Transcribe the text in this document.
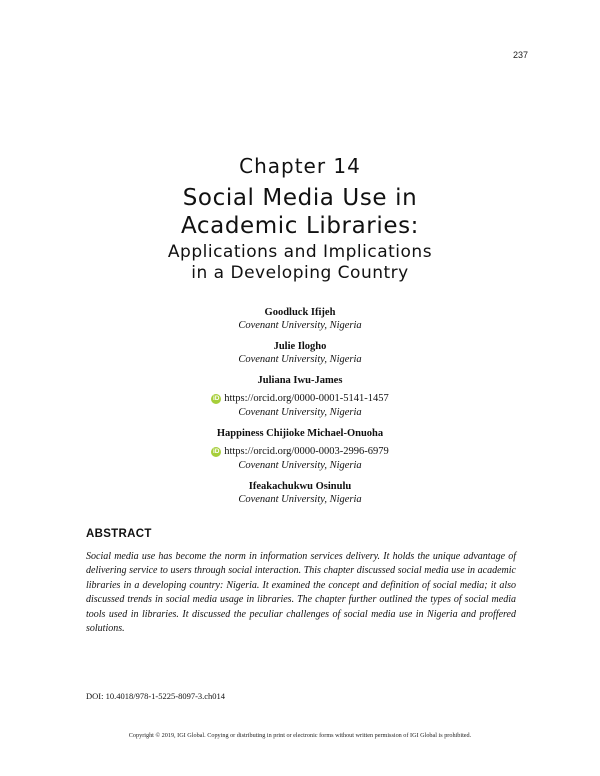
237

Chapter 14

Social Media Use in
Academic Libraries:
Applications and Implications
in a Developing Country
Goodluck Ifijeh
Covenant University, Nigeria
Julie Ilogho
Covenant University, Nigeria
Juliana Iwu-James
iD https://orcid.org/0000-0001-5141-1457
Covenant University, Nigeria
Happiness Chijioke Michael-Onuoha
iD https://orcid.org/0000-0003-2996-6979
Covenant University, Nigeria
Ifeakachukwu Osinulu
Covenant University, Nigeria
ABSTRACT
Social media use has become the norm in information services delivery. It holds the unique advantage of delivering service to users through social interaction. This chapter discussed social media use in academic libraries in a developing country: Nigeria. It examined the concept and definition of social media; it also discussed trends in social media usage in libraries. The chapter further outlined the types of social media tools used in libraries. It discussed the peculiar challenges of social media use in Nigeria and proffered solutions.
DOI: 10.4018/978-1-5225-8097-3.ch014
Copyright © 2019, IGI Global. Copying or distributing in print or electronic forms without written permission of IGI Global is prohibited.
